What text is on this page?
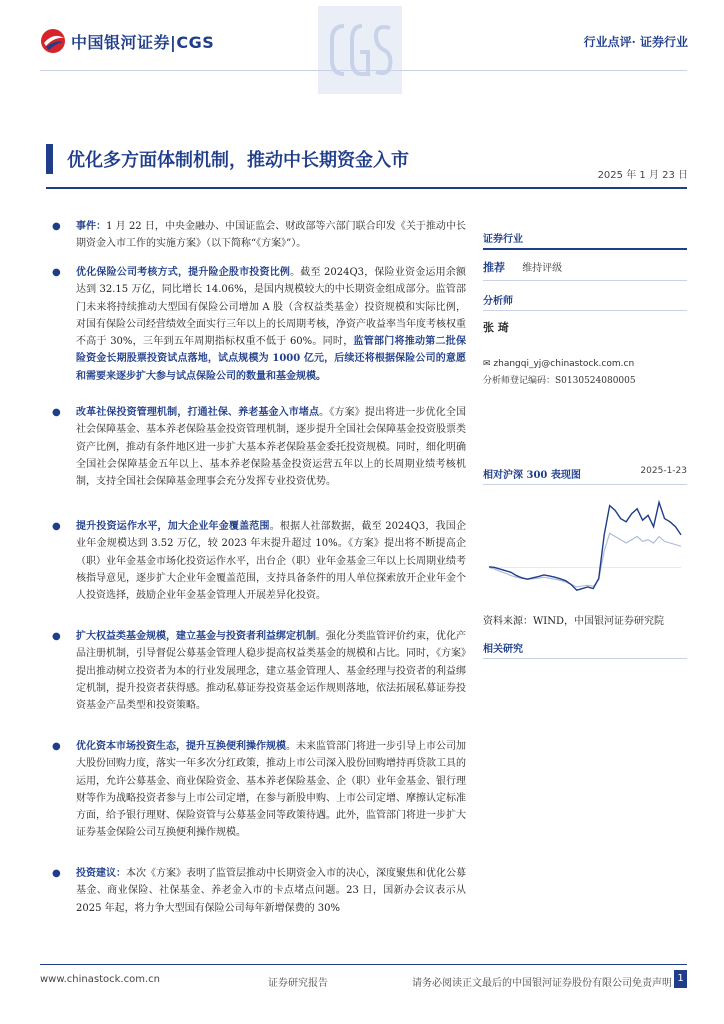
中国银河证券|CGS	行业点评· 证券行业
优化多方面体制机制，推动中长期资金入市
2025 年 1 月 23 日
● 事件：1 月 22 日，中央金融办、中国证监会、财政部等六部门联合印发《关于推动中长期资金入市工作的实施方案》（以下简称“《方案》”）。
● 优化保险公司考核方式，提升险企股市投资比例。截至 2024Q3，保险业资金运用余额达到 32.15 万亿，同比增长 14.06%，是国内规模较大的中长期资金组成部分。监管部门未来将持续推动大型国有保险公司增加 A 股（含权益类基金）投资规模和实际比例，对国有保险公司经营绩效全面实行三年以上的长周期考核，净资产收益率当年度考核权重不高于 30%，三年到五年周期指标权重不低于 60%。同时，监管部门将推动第二批保险资金长期股票投资试点落地，试点规模为 1000 亿元，后续还将根据保险公司的意愿和需要来逐步扩大参与试点保险公司的数量和基金规模。
● 改革社保投资管理机制，打通社保、养老基金入市堵点。《方案》提出将进一步优化全国社会保障基金、基本养老保险基金投资管理机制，逐步提升全国社会保障基金投资股票类资产比例，推动有条件地区进一步扩大基本养老保险基金委托投资规模。同时，细化明确全国社会保障基金五年以上、基本养老保险基金投资运营五年以上的长周期业绩考核机制，支持全国社会保障基金理事会充分发挥专业投资优势。
● 提升投资运作水平，加大企业年金覆盖范围。根据人社部数据，截至 2024Q3，我国企业年金规模达到 3.52 万亿，较 2023 年末提升超过 10%。《方案》提出将不断提高企（职）业年金基金市场化投资运作水平，出台企（职）业年金基金三年以上长周期业绩考核指导意见，逐步扩大企业年金覆盖范围，支持具备条件的用人单位探索放开企业年金个人投资选择，鼓励企业年金基金管理人开展差异化投资。
● 扩大权益类基金规模，建立基金与投资者利益绑定机制。强化分类监管评价约束，优化产品注册机制，引导督促公募基金管理人稳步提高权益类基金的规模和占比。同时，《方案》提出推动树立投资者为本的行业发展理念，建立基金管理人、基金经理与投资者的利益绑定机制，提升投资者获得感。推动私募证券投资基金运作规则落地，依法拓展私募证券投资基金产品类型和投资策略。
● 优化资本市场投资生态，提升互换便利操作规模。未来监管部门将进一步引导上市公司加大股份回购力度，落实一年多次分红政策，推动上市公司深入股份回购增持再贷款工具的运用，允许公募基金、商业保险资金、基本养老保险基金、企（职）业年金基金、银行理财等作为战略投资者参与上市公司定增，在参与新股申购、上市公司定增、摩擦认定标准方面，给予银行理财、保险资管与公募基金同等政策待遇。此外，监管部门将进一步扩大证券基金保险公司互换便利操作规模。
● 投资建议：本次《方案》表明了监管层推动中长期资金入市的决心，深度聚焦和优化公募基金、商业保险、社保基金、养老金入市的卡点堵点问题。23 日，国新办会议表示从 2025 年起，将力争大型国有保险公司每年新增保费的 30%
证券行业
推荐 维持评级
分析师
张 琦
✉ zhangqi_yj@chinastock.com.cn
分析师登记编码：S0130524080005
相对沪深 300 表现图	2025-1-23
资料来源：WIND，中国银河证券研究院
相关研究
www.chinastock.com.cn	证券研究报告	请务必阅读正文最后的中国银河证券股份有限公司免责声明 1
